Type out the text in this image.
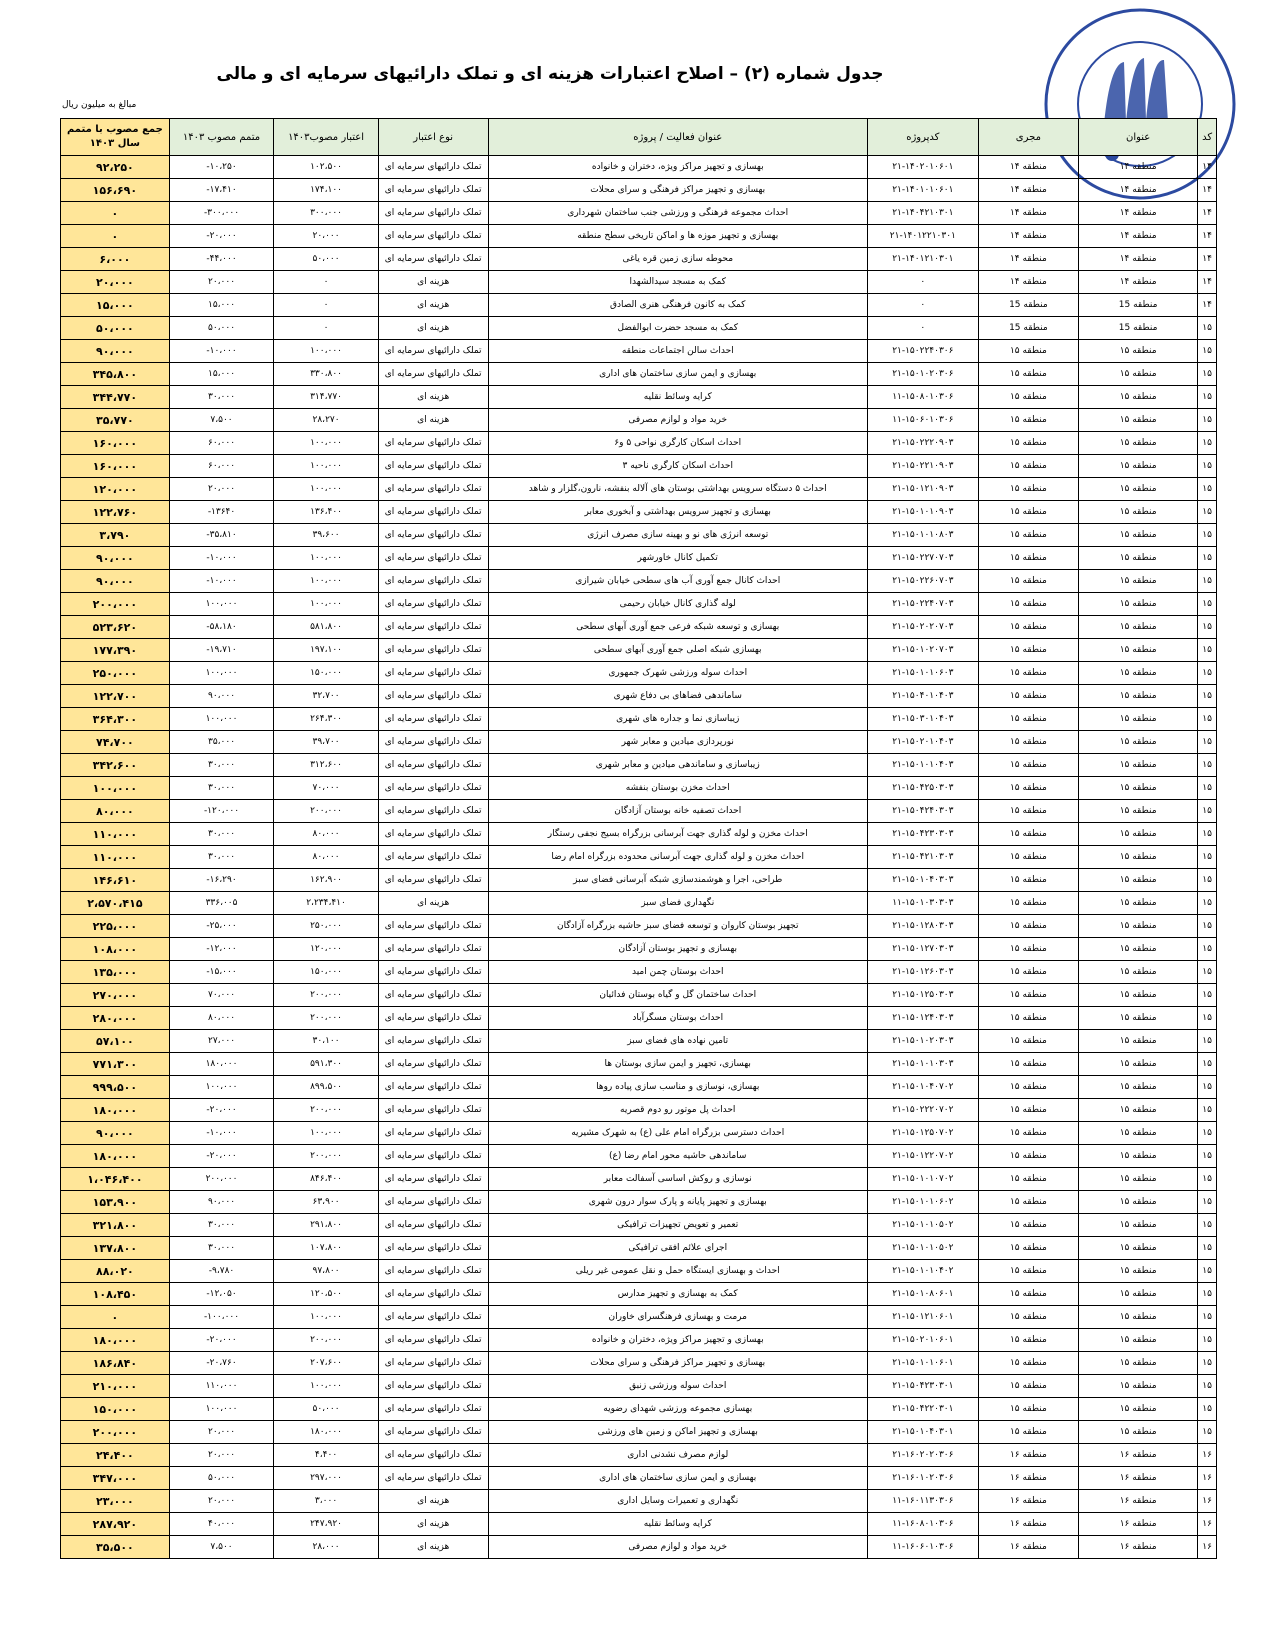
جدول شماره (۲) – اصلاح اعتبارات هزینه ای و تملک دارائیهای سرمایه ای و مالی
مبالغ به میلیون ریال
کد	عنوان	مجری	کدپروژه	عنوان فعالیت / پروژه	نوع اعتبار	اعتبار مصوب۱۴۰۳	متمم مصوب ۱۴۰۳	جمع مصوب با متمم سال ۱۴۰۳
۱۴	منطقه ۱۴	منطقه ۱۴	۲۱-۱۴۰۲۰۱۰۶۰۱	بهسازی و تجهیز مراکز ویژه، دختران و خانواده	تملک دارائیهای سرمایه ای	۱۰۲،۵۰۰	-۱۰،۲۵۰	۹۲،۲۵۰
۱۴	منطقه ۱۴	منطقه ۱۴	۲۱-۱۴۰۱۰۱۰۶۰۱	بهسازی و تجهیز مراکز فرهنگی و سرای محلات	تملک دارائیهای سرمایه ای	۱۷۴،۱۰۰	-۱۷،۴۱۰	۱۵۶،۶۹۰
۱۴	منطقه ۱۴	منطقه ۱۴	۲۱-۱۴۰۴۲۱۰۳۰۱	احداث مجموعه فرهنگی و ورزشی جنب ساختمان شهرداری	تملک دارائیهای سرمایه ای	۳۰۰،۰۰۰	-۳۰۰،۰۰۰	۰
۱۴	منطقه ۱۴	منطقه ۱۴	۲۱-۱۴۰۱۲۲۱۰۳۰۱	بهسازی و تجهیز موزه ها و اماکن تاریخی سطح منطقه	تملک دارائیهای سرمایه ای	۲۰،۰۰۰	-۲۰،۰۰۰	۰
۱۴	منطقه ۱۴	منطقه ۱۴	۲۱-۱۴۰۱۲۱۰۳۰۱	محوطه سازی زمین قره یاغی	تملک دارائیهای سرمایه ای	۵۰،۰۰۰	-۴۴،۰۰۰	۶،۰۰۰
۱۴	منطقه ۱۴	منطقه ۱۴	۰	کمک به مسجد سیدالشهدا	هزینه ای	۰	۲۰،۰۰۰	۲۰،۰۰۰
۱۴	منطقه 15	منطقه 15	۰	کمک به کانون فرهنگی هنری الصادق	هزینه ای	۰	۱۵،۰۰۰	۱۵،۰۰۰
۱۵	منطقه 15	منطقه 15	۰	کمک به مسجد حضرت ابوالفضل	هزینه ای	۰	۵۰،۰۰۰	۵۰،۰۰۰
۱۵	منطقه ۱۵	منطقه ۱۵	۲۱-۱۵۰۲۲۴۰۳۰۶	احداث سالن اجتماعات منطقه	تملک دارائیهای سرمایه ای	۱۰۰،۰۰۰	-۱۰،۰۰۰	۹۰،۰۰۰
۱۵	منطقه ۱۵	منطقه ۱۵	۲۱-۱۵۰۱۰۲۰۳۰۶	بهسازی و ایمن سازی ساختمان های اداری	تملک دارائیهای سرمایه ای	۳۳۰،۸۰۰	۱۵،۰۰۰	۳۴۵،۸۰۰
۱۵	منطقه ۱۵	منطقه ۱۵	۱۱-۱۵۰۸۰۱۰۳۰۶	کرایه وسائط نقلیه	هزینه ای	۳۱۴،۷۷۰	۳۰،۰۰۰	۳۴۴،۷۷۰
۱۵	منطقه ۱۵	منطقه ۱۵	۱۱-۱۵۰۶۰۱۰۳۰۶	خرید مواد و لوازم مصرفی	هزینه ای	۲۸،۲۷۰	۷،۵۰۰	۳۵،۷۷۰
۱۵	منطقه ۱۵	منطقه ۱۵	۲۱-۱۵۰۲۲۲۰۹۰۳	احداث اسکان کارگری نواحی ۵ و۶	تملک دارائیهای سرمایه ای	۱۰۰،۰۰۰	۶۰،۰۰۰	۱۶۰،۰۰۰
۱۵	منطقه ۱۵	منطقه ۱۵	۲۱-۱۵۰۲۲۱۰۹۰۳	احداث اسکان کارگری ناحیه ۳	تملک دارائیهای سرمایه ای	۱۰۰،۰۰۰	۶۰،۰۰۰	۱۶۰،۰۰۰
۱۵	منطقه ۱۵	منطقه ۱۵	۲۱-۱۵۰۱۲۱۰۹۰۳	احداث ۵ دستگاه سرویس بهداشتی بوستان های آلاله بنفشه، نارون،گلزار و شاهد	تملک دارائیهای سرمایه ای	۱۰۰،۰۰۰	۲۰،۰۰۰	۱۲۰،۰۰۰
۱۵	منطقه ۱۵	منطقه ۱۵	۲۱-۱۵۰۱۰۱۰۹۰۳	بهسازی و تجهیز سرویس بهداشتی و آبخوری معابر	تملک دارائیهای سرمایه ای	۱۳۶،۴۰۰	-۱۳۶۴۰	۱۲۲،۷۶۰
۱۵	منطقه ۱۵	منطقه ۱۵	۲۱-۱۵۰۱۰۱۰۸۰۳	توسعه انرژی های نو و بهینه سازی مصرف انرژی	تملک دارائیهای سرمایه ای	۳۹،۶۰۰	-۳۵،۸۱۰	۳،۷۹۰
۱۵	منطقه ۱۵	منطقه ۱۵	۲۱-۱۵۰۲۲۷۰۷۰۳	تکمیل کانال خاورشهر	تملک دارائیهای سرمایه ای	۱۰۰،۰۰۰	-۱۰،۰۰۰	۹۰،۰۰۰
۱۵	منطقه ۱۵	منطقه ۱۵	۲۱-۱۵۰۲۲۶۰۷۰۳	احداث کانال جمع آوری آب های سطحی خیابان شیرازی	تملک دارائیهای سرمایه ای	۱۰۰،۰۰۰	-۱۰،۰۰۰	۹۰،۰۰۰
۱۵	منطقه ۱۵	منطقه ۱۵	۲۱-۱۵۰۲۲۴۰۷۰۳	لوله گذاری کانال خیابان رحیمی	تملک دارائیهای سرمایه ای	۱۰۰،۰۰۰	۱۰۰،۰۰۰	۲۰۰،۰۰۰
۱۵	منطقه ۱۵	منطقه ۱۵	۲۱-۱۵۰۲۰۲۰۷۰۳	بهسازی و توسعه شبکه فرعی جمع آوری آبهای سطحی	تملک دارائیهای سرمایه ای	۵۸۱،۸۰۰	-۵۸،۱۸۰	۵۲۳،۶۲۰
۱۵	منطقه ۱۵	منطقه ۱۵	۲۱-۱۵۰۱۰۲۰۷۰۳	بهسازی شبکه اصلی جمع آوری آبهای سطحی	تملک دارائیهای سرمایه ای	۱۹۷،۱۰۰	-۱۹،۷۱۰	۱۷۷،۳۹۰
۱۵	منطقه ۱۵	منطقه ۱۵	۲۱-۱۵۰۱۰۱۰۶۰۳	احداث سوله ورزشی شهرک جمهوری	تملک دارائیهای سرمایه ای	۱۵۰،۰۰۰	۱۰۰،۰۰۰	۲۵۰،۰۰۰
۱۵	منطقه ۱۵	منطقه ۱۵	۲۱-۱۵۰۴۰۱۰۴۰۳	ساماندهی فضاهای بی دفاع شهری	تملک دارائیهای سرمایه ای	۳۲،۷۰۰	۹۰،۰۰۰	۱۲۲،۷۰۰
۱۵	منطقه ۱۵	منطقه ۱۵	۲۱-۱۵۰۳۰۱۰۴۰۳	زیباسازی نما و جداره های شهری	تملک دارائیهای سرمایه ای	۲۶۴،۳۰۰	۱۰۰،۰۰۰	۳۶۴،۳۰۰
۱۵	منطقه ۱۵	منطقه ۱۵	۲۱-۱۵۰۲۰۱۰۴۰۳	نورپردازی میادین و معابر شهر	تملک دارائیهای سرمایه ای	۳۹،۷۰۰	۳۵،۰۰۰	۷۴،۷۰۰
۱۵	منطقه ۱۵	منطقه ۱۵	۲۱-۱۵۰۱۰۱۰۴۰۳	زیباسازی و ساماندهی میادین و معابر شهری	تملک دارائیهای سرمایه ای	۳۱۲،۶۰۰	۳۰،۰۰۰	۳۴۲،۶۰۰
۱۵	منطقه ۱۵	منطقه ۱۵	۲۱-۱۵۰۴۲۵۰۳۰۳	احداث مخزن بوستان بنفشه	تملک دارائیهای سرمایه ای	۷۰،۰۰۰	۳۰،۰۰۰	۱۰۰،۰۰۰
۱۵	منطقه ۱۵	منطقه ۱۵	۲۱-۱۵۰۴۲۴۰۳۰۳	احداث تصفیه خانه بوستان آزادگان	تملک دارائیهای سرمایه ای	۲۰۰،۰۰۰	-۱۲۰،۰۰۰	۸۰،۰۰۰
۱۵	منطقه ۱۵	منطقه ۱۵	۲۱-۱۵۰۴۲۳۰۳۰۳	احداث مخزن و لوله گذاری جهت آبرسانی بزرگراه بسیج نجفی رستگار	تملک دارائیهای سرمایه ای	۸۰،۰۰۰	۳۰،۰۰۰	۱۱۰،۰۰۰
۱۵	منطقه ۱۵	منطقه ۱۵	۲۱-۱۵۰۴۲۱۰۳۰۳	احداث مخزن و لوله گذاری جهت آبرسانی محدوده بزرگراه امام رضا	تملک دارائیهای سرمایه ای	۸۰،۰۰۰	۳۰،۰۰۰	۱۱۰،۰۰۰
۱۵	منطقه ۱۵	منطقه ۱۵	۲۱-۱۵۰۱۰۴۰۳۰۳	طراحی، اجرا و هوشمندسازی شبکه آبرسانی فضای سبز	تملک دارائیهای سرمایه ای	۱۶۲،۹۰۰	-۱۶،۲۹۰	۱۴۶،۶۱۰
۱۵	منطقه ۱۵	منطقه ۱۵	۱۱-۱۵۰۱۰۳۰۳۰۳	نگهداری فضای سبز	هزینه ای	۲،۲۳۴،۴۱۰	۳۳۶،۰۰۵	۲،۵۷۰،۴۱۵
۱۵	منطقه ۱۵	منطقه ۱۵	۲۱-۱۵۰۱۲۸۰۳۰۳	تجهیز بوستان کاروان و توسعه فضای سبز حاشیه بزرگراه آزادگان	تملک دارائیهای سرمایه ای	۲۵۰،۰۰۰	-۲۵،۰۰۰	۲۲۵،۰۰۰
۱۵	منطقه ۱۵	منطقه ۱۵	۲۱-۱۵۰۱۲۷۰۳۰۳	بهسازی و تجهیز بوستان آزادگان	تملک دارائیهای سرمایه ای	۱۲۰،۰۰۰	-۱۲،۰۰۰	۱۰۸،۰۰۰
۱۵	منطقه ۱۵	منطقه ۱۵	۲۱-۱۵۰۱۲۶۰۳۰۳	احداث بوستان چمن امید	تملک دارائیهای سرمایه ای	۱۵۰،۰۰۰	-۱۵،۰۰۰	۱۳۵،۰۰۰
۱۵	منطقه ۱۵	منطقه ۱۵	۲۱-۱۵۰۱۲۵۰۳۰۳	احداث ساختمان گل و گیاه بوستان فدائیان	تملک دارائیهای سرمایه ای	۲۰۰،۰۰۰	۷۰،۰۰۰	۲۷۰،۰۰۰
۱۵	منطقه ۱۵	منطقه ۱۵	۲۱-۱۵۰۱۲۴۰۳۰۳	احداث بوستان مسگرآباد	تملک دارائیهای سرمایه ای	۲۰۰،۰۰۰	۸۰،۰۰۰	۲۸۰،۰۰۰
۱۵	منطقه ۱۵	منطقه ۱۵	۲۱-۱۵۰۱۰۲۰۳۰۳	تامین نهاده های فضای سبز	تملک دارائیهای سرمایه ای	۳۰،۱۰۰	۲۷،۰۰۰	۵۷،۱۰۰
۱۵	منطقه ۱۵	منطقه ۱۵	۲۱-۱۵۰۱۰۱۰۳۰۳	بهسازی، تجهیز و ایمن سازی بوستان ها	تملک دارائیهای سرمایه ای	۵۹۱،۳۰۰	۱۸۰،۰۰۰	۷۷۱،۳۰۰
۱۵	منطقه ۱۵	منطقه ۱۵	۲۱-۱۵۰۱۰۴۰۷۰۲	بهسازی، نوسازی و مناسب سازی پیاده روها	تملک دارائیهای سرمایه ای	۸۹۹،۵۰۰	۱۰۰،۰۰۰	۹۹۹،۵۰۰
۱۵	منطقه ۱۵	منطقه ۱۵	۲۱-۱۵۰۲۲۲۰۷۰۲	احداث پل موتور رو دوم قصریه	تملک دارائیهای سرمایه ای	۲۰۰،۰۰۰	-۲۰،۰۰۰	۱۸۰،۰۰۰
۱۵	منطقه ۱۵	منطقه ۱۵	۲۱-۱۵۰۱۲۵۰۷۰۲	احداث دسترسی بزرگراه امام علی (ع) به شهرک مشیریه	تملک دارائیهای سرمایه ای	۱۰۰،۰۰۰	-۱۰،۰۰۰	۹۰،۰۰۰
۱۵	منطقه ۱۵	منطقه ۱۵	۲۱-۱۵۰۱۲۲۰۷۰۲	ساماندهی حاشیه محور امام رضا (ع)	تملک دارائیهای سرمایه ای	۲۰۰،۰۰۰	-۲۰،۰۰۰	۱۸۰،۰۰۰
۱۵	منطقه ۱۵	منطقه ۱۵	۲۱-۱۵۰۱۰۱۰۷۰۲	نوسازی و روکش اساسی آسفالت معابر	تملک دارائیهای سرمایه ای	۸۴۶،۴۰۰	۲۰۰،۰۰۰	۱،۰۴۶،۴۰۰
۱۵	منطقه ۱۵	منطقه ۱۵	۲۱-۱۵۰۱۰۱۰۶۰۲	بهسازی و تجهیز پایانه و پارک سوار درون شهری	تملک دارائیهای سرمایه ای	۶۳،۹۰۰	۹۰،۰۰۰	۱۵۳،۹۰۰
۱۵	منطقه ۱۵	منطقه ۱۵	۲۱-۱۵۰۱۰۱۰۵۰۲	تعمیر و تعویض تجهیزات ترافیکی	تملک دارائیهای سرمایه ای	۲۹۱،۸۰۰	۳۰،۰۰۰	۳۲۱،۸۰۰
۱۵	منطقه ۱۵	منطقه ۱۵	۲۱-۱۵۰۱۰۱۰۵۰۲	اجرای علائم افقی ترافیکی	تملک دارائیهای سرمایه ای	۱۰۷،۸۰۰	۳۰،۰۰۰	۱۳۷،۸۰۰
۱۵	منطقه ۱۵	منطقه ۱۵	۲۱-۱۵۰۱۰۱۰۴۰۲	احداث و بهسازی ایستگاه حمل و نقل عمومی غیر ریلی	تملک دارائیهای سرمایه ای	۹۷،۸۰۰	-۹،۷۸۰	۸۸،۰۲۰
۱۵	منطقه ۱۵	منطقه ۱۵	۲۱-۱۵۰۱۰۸۰۶۰۱	کمک به بهسازی و تجهیز مدارس	تملک دارائیهای سرمایه ای	۱۲۰،۵۰۰	-۱۲،۰۵۰	۱۰۸،۴۵۰
۱۵	منطقه ۱۵	منطقه ۱۵	۲۱-۱۵۰۱۲۱۰۶۰۱	مرمت و بهسازی فرهنگسرای خاوران	تملک دارائیهای سرمایه ای	۱۰۰،۰۰۰	-۱۰۰،۰۰۰	۰
۱۵	منطقه ۱۵	منطقه ۱۵	۲۱-۱۵۰۲۰۱۰۶۰۱	بهسازی و تجهیز مراکز ویژه، دختران و خانواده	تملک دارائیهای سرمایه ای	۲۰۰،۰۰۰	-۲۰،۰۰۰	۱۸۰،۰۰۰
۱۵	منطقه ۱۵	منطقه ۱۵	۲۱-۱۵۰۱۰۱۰۶۰۱	بهسازی و تجهیز مراکز فرهنگی و سرای محلات	تملک دارائیهای سرمایه ای	۲۰۷،۶۰۰	-۲۰،۷۶۰	۱۸۶،۸۴۰
۱۵	منطقه ۱۵	منطقه ۱۵	۲۱-۱۵۰۴۲۳۰۳۰۱	احداث سوله ورزشی زنبق	تملک دارائیهای سرمایه ای	۱۰۰،۰۰۰	۱۱۰،۰۰۰	۲۱۰،۰۰۰
۱۵	منطقه ۱۵	منطقه ۱۵	۲۱-۱۵۰۴۲۲۰۳۰۱	بهسازی مجموعه ورزشی شهدای رضویه	تملک دارائیهای سرمایه ای	۵۰،۰۰۰	۱۰۰،۰۰۰	۱۵۰،۰۰۰
۱۵	منطقه ۱۵	منطقه ۱۵	۲۱-۱۵۰۱۰۴۰۳۰۱	بهسازی و تجهیز اماکن و زمین های ورزشی	تملک دارائیهای سرمایه ای	۱۸۰،۰۰۰	۲۰،۰۰۰	۲۰۰،۰۰۰
۱۶	منطقه ۱۶	منطقه ۱۶	۲۱-۱۶۰۲۰۲۰۳۰۶	لوازم مصرف نشدنی اداری	تملک دارائیهای سرمایه ای	۴،۴۰۰	۲۰،۰۰۰	۲۴،۴۰۰
۱۶	منطقه ۱۶	منطقه ۱۶	۲۱-۱۶۰۱۰۲۰۳۰۶	بهسازی و ایمن سازی ساختمان های اداری	تملک دارائیهای سرمایه ای	۲۹۷،۰۰۰	۵۰،۰۰۰	۳۴۷،۰۰۰
۱۶	منطقه ۱۶	منطقه ۱۶	۱۱-۱۶۰۱۱۳۰۳۰۶	نگهداری و تعمیرات وسایل اداری	هزینه ای	۳،۰۰۰	۲۰،۰۰۰	۲۳،۰۰۰
۱۶	منطقه ۱۶	منطقه ۱۶	۱۱-۱۶۰۸۰۱۰۳۰۶	کرایه وسائط نقلیه	هزینه ای	۲۴۷،۹۲۰	۴۰،۰۰۰	۲۸۷،۹۲۰
۱۶	منطقه ۱۶	منطقه ۱۶	۱۱-۱۶۰۶۰۱۰۳۰۶	خرید مواد و لوازم مصرفی	هزینه ای	۲۸،۰۰۰	۷،۵۰۰	۳۵،۵۰۰
